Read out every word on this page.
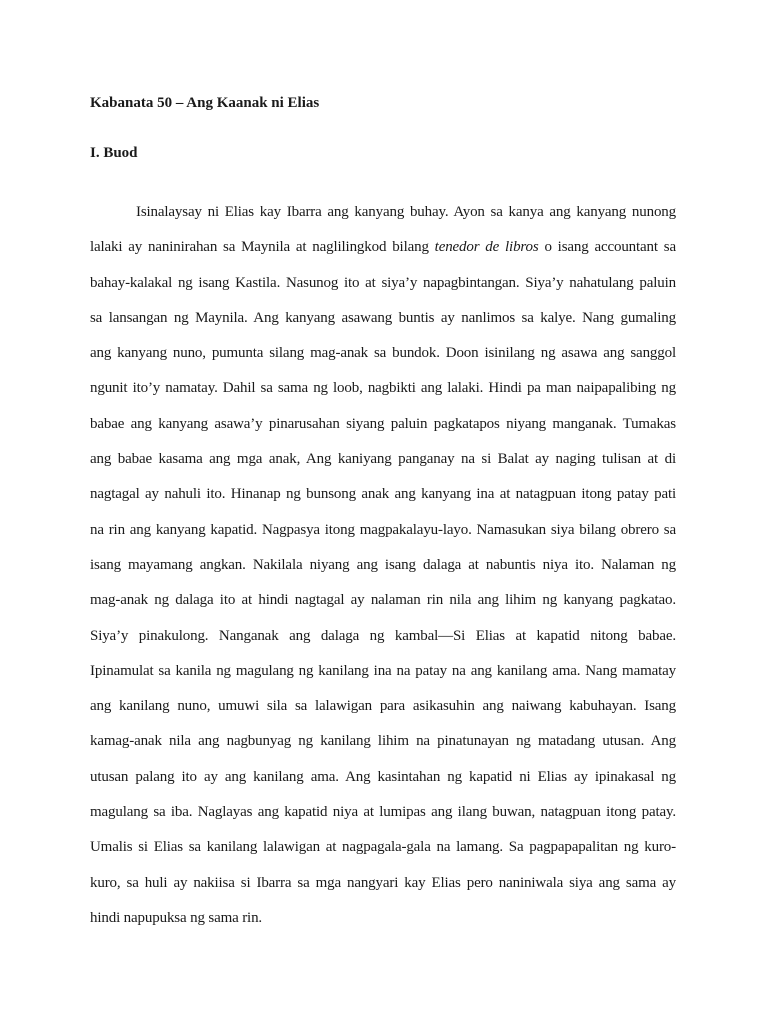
Kabanata 50 – Ang Kaanak ni Elias
I. Buod
Isinalaysay ni Elias kay Ibarra ang kanyang buhay. Ayon sa kanya ang kanyang nunong
lalaki ay naninirahan sa Maynila at naglilingkod bilang tenedor de libros o isang accountant sa
bahay-kalakal ng isang Kastila. Nasunog ito at siya’y napagbintangan. Siya’y nahatulang paluin
sa lansangan ng Maynila. Ang kanyang asawang buntis ay nanlimos sa kalye. Nang gumaling
ang kanyang nuno, pumunta silang mag-anak sa bundok. Doon isinilang ng asawa ang sanggol
ngunit ito’y namatay. Dahil sa sama ng loob, nagbikti ang lalaki. Hindi pa man naipapalibing ng
babae ang kanyang asawa’y pinarusahan siyang paluin pagkatapos niyang manganak. Tumakas
ang babae kasama ang mga anak, Ang kaniyang panganay na si Balat ay naging tulisan at di
nagtagal ay nahuli ito. Hinanap ng bunsong anak ang kanyang ina at natagpuan itong patay pati
na rin ang kanyang kapatid. Nagpasya itong magpakalayu-layo. Namasukan siya bilang obrero sa
isang mayamang angkan. Nakilala niyang ang isang dalaga at nabuntis niya ito. Nalaman ng
mag-anak ng dalaga ito at hindi nagtagal ay nalaman rin nila ang lihim ng kanyang pagkatao.
Siya’y pinakulong. Nanganak ang dalaga ng kambal—Si Elias at kapatid nitong babae.
Ipinamulat sa kanila ng magulang ng kanilang ina na patay na ang kanilang ama. Nang mamatay
ang kanilang nuno, umuwi sila sa lalawigan para asikasuhin ang naiwang kabuhayan. Isang
kamag-anak nila ang nagbunyag ng kanilang lihim na pinatunayan ng matadang utusan. Ang
utusan palang ito ay ang kanilang ama. Ang kasintahan ng kapatid ni Elias ay ipinakasal ng
magulang sa iba. Naglayas ang kapatid niya at lumipas ang ilang buwan, natagpuan itong patay.
Umalis si Elias sa kanilang lalawigan at nagpagala-gala na lamang. Sa pagpapapalitan ng kuro-
kuro, sa huli ay nakiisa si Ibarra sa mga nangyari kay Elias pero naniniwala siya ang sama ay
hindi napupuksa ng sama rin.
